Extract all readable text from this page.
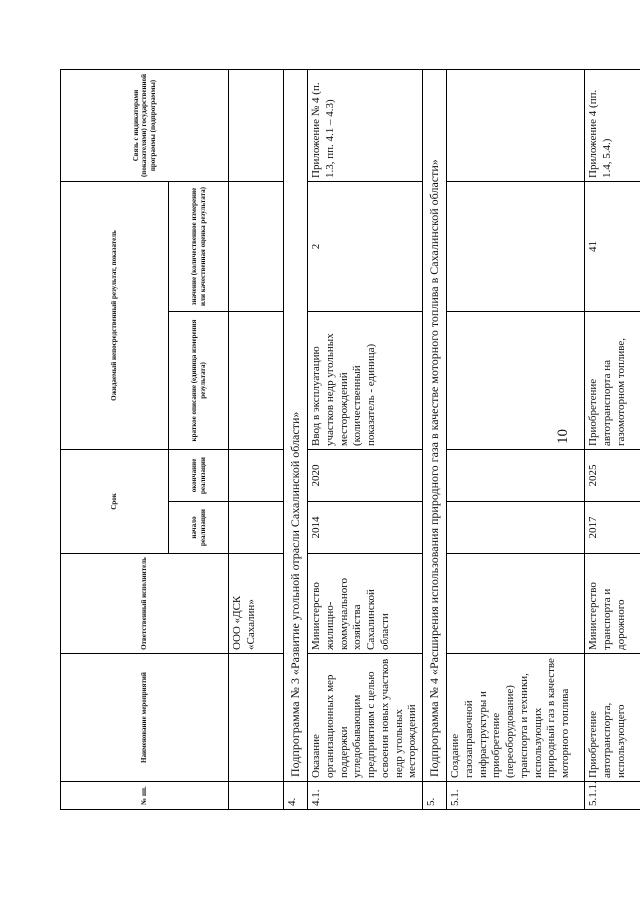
10
№ пп.	Наименование мероприятий	Ответственный исполнитель	Срок		Ожидаемый непосредственный результат, показатель		Связь с индикаторами (показателями) государственной программы (подпрограммы)
			начало реализации	окончание реализации	краткое описание (единица измерения результата)	значение (количественное измерение или качественная оценка результата)	
		ООО «ДСК «Сахалин»					
4.	Подпрограмма № 3 «Развитие угольной отрасли Сахалинской области»						
4.1.	Оказание организационных мер поддержки угледобывающим предприятиям с целью освоения новых участков недр угольных месторождений	Министерство жилищно-коммунального хозяйства Сахалинской области	2014	2020	Ввод в эксплуатацию участков недр угольных месторождений (количественный показатель - единица)	2	Приложение № 4 (п. 1.3, пп. 4.1 – 4.3)
5.	Подпрограмма № 4 «Расширения использования природного газа в качестве моторного топлива в Сахалинской области»						
5.1.	Создание газозаправочной инфраструктуры и приобретение (переоборудование) транспорта и техники, использующих природный газ в качестве моторного топлива						
5.1.1.	Приобретение автотранспорта, использующего	Министерство транспорта и дорожного	2017	2025	Приобретение автотранспорта на газомоторном топливе,	41	Приложение 4 (пп. 1.4, 5.4.)
